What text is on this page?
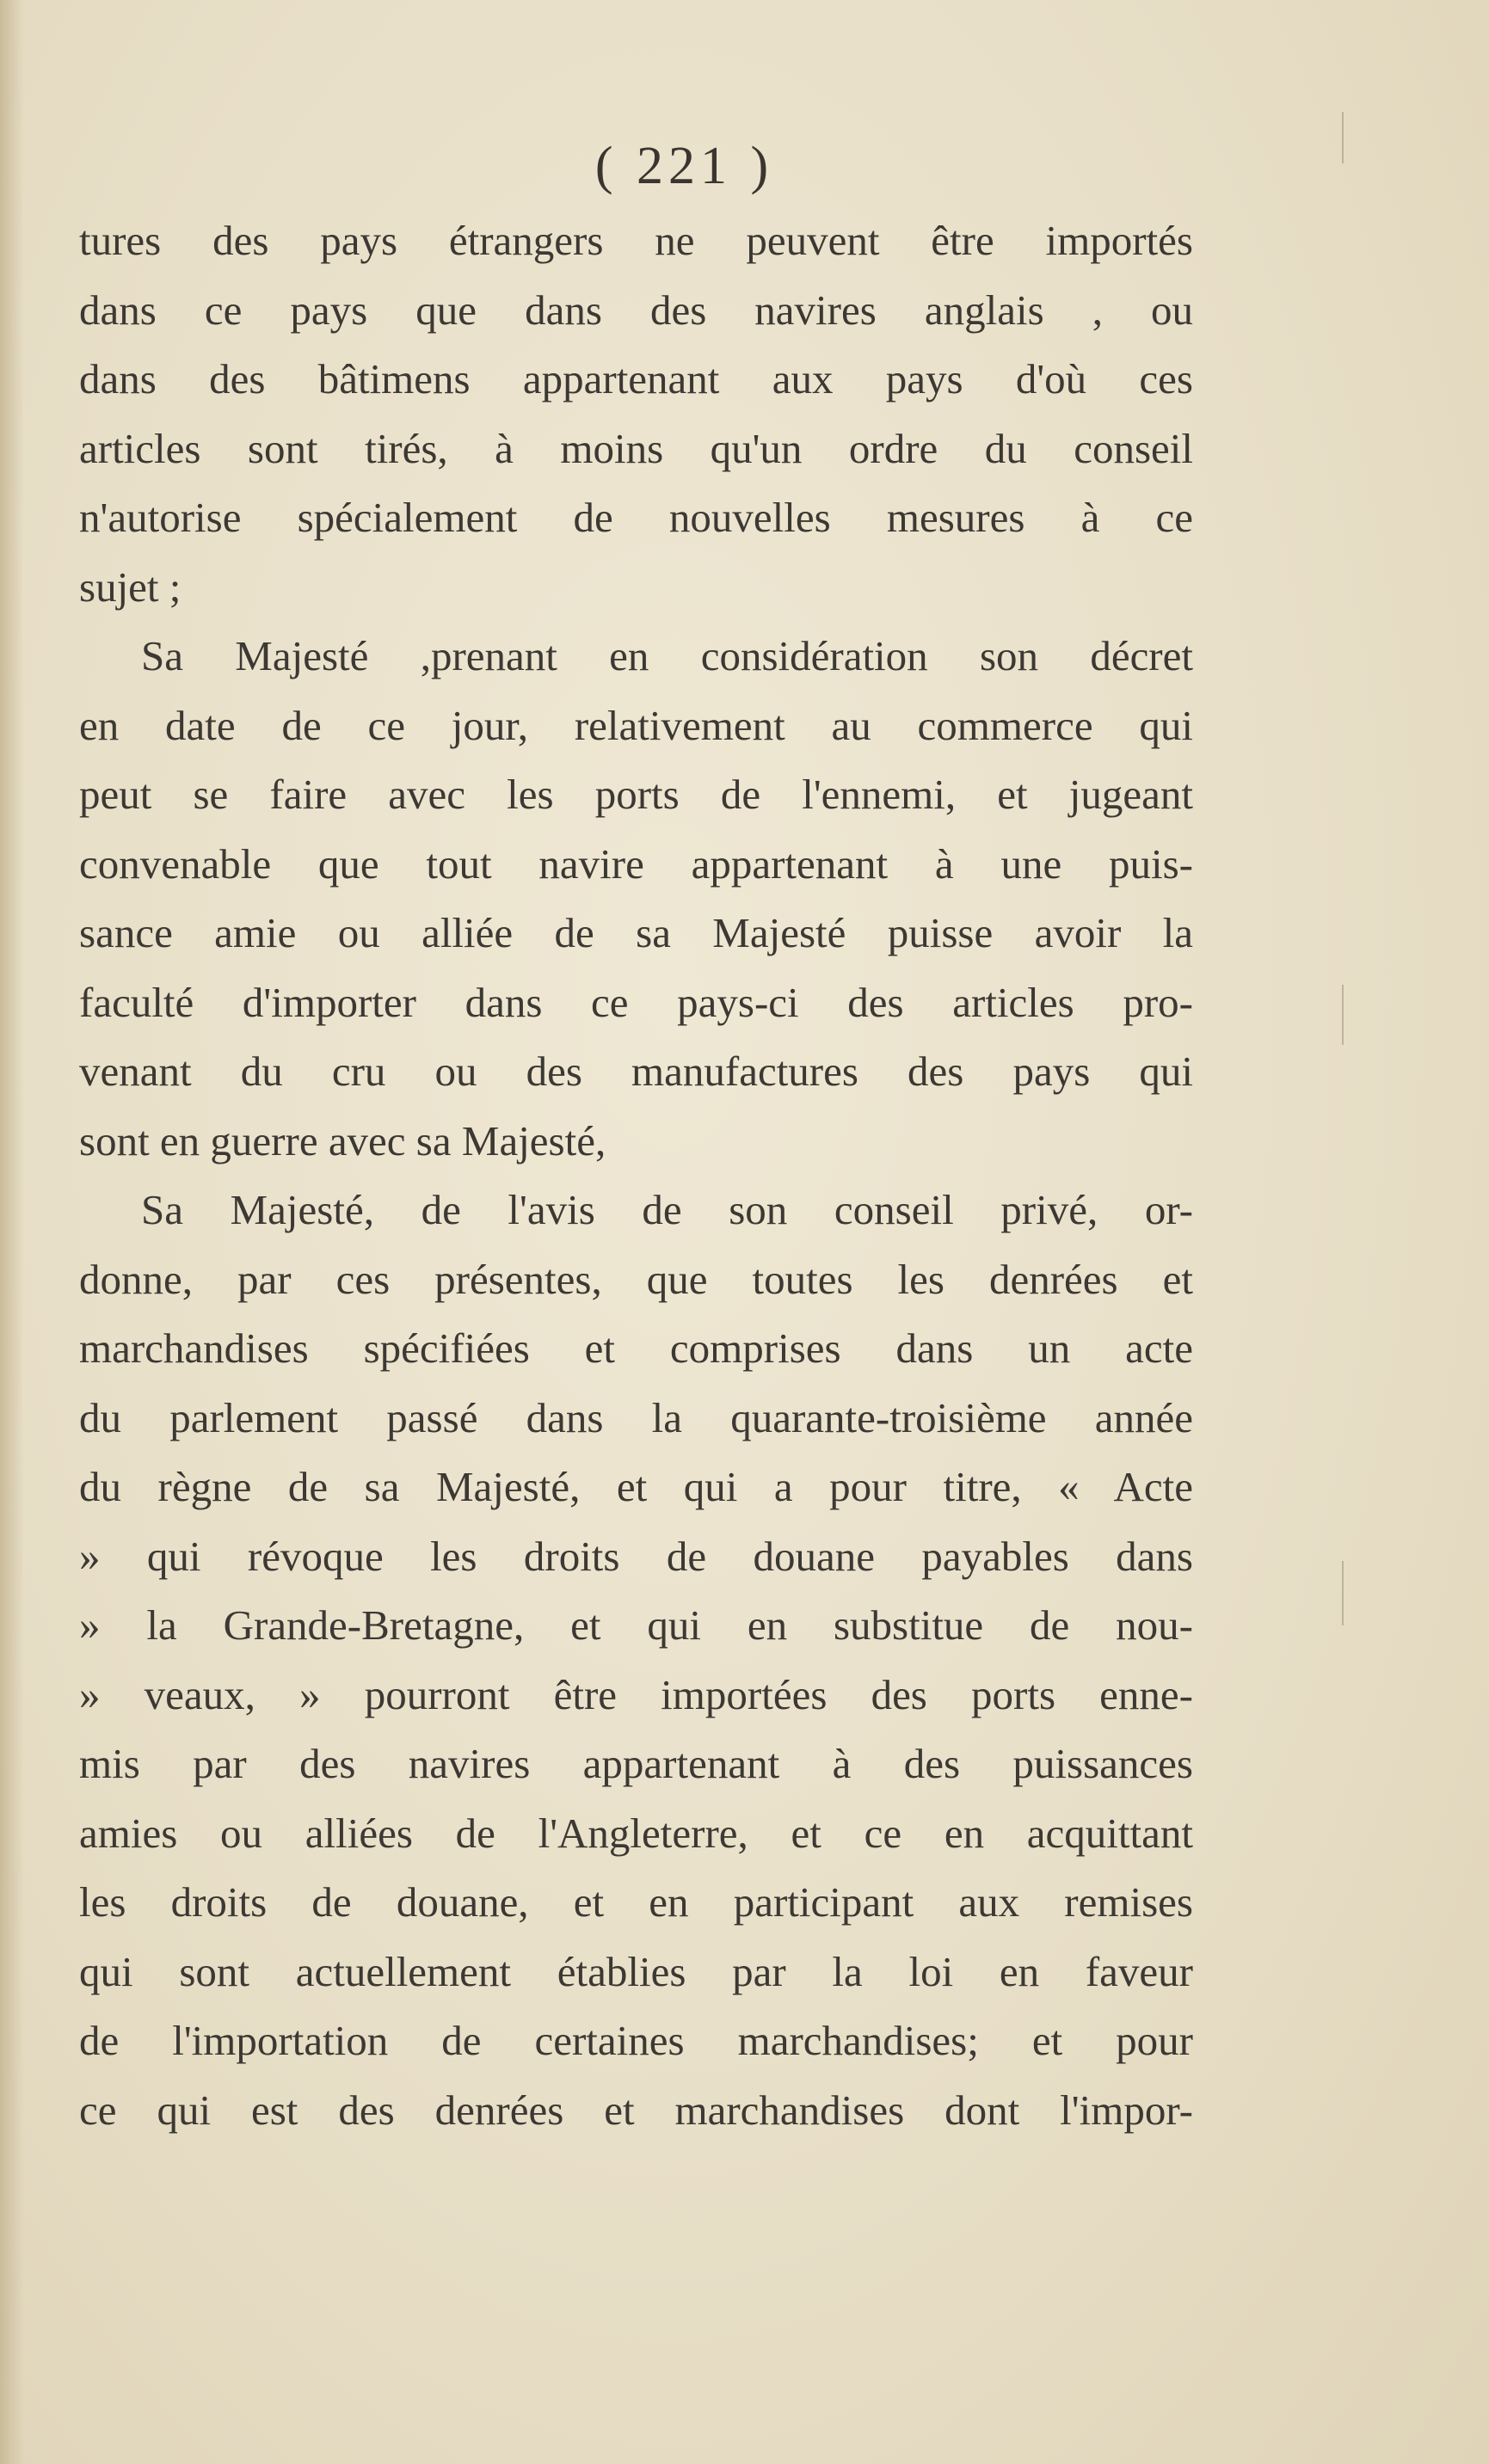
( 221 )
tures des pays étrangers ne peuvent être importés
dans ce pays que dans des navires anglais , ou
dans des bâtimens appartenant aux pays d'où ces
articles sont tirés, à moins qu'un ordre du conseil
n'autorise spécialement de nouvelles mesures à ce
sujet ;
Sa Majesté ,prenant en considération son décret
en date de ce jour, relativement au commerce qui
peut se faire avec les ports de l'ennemi, et jugeant
convenable que tout navire appartenant à une puis-
sance amie ou alliée de sa Majesté puisse avoir la
faculté d'importer dans ce pays-ci des articles pro-
venant du cru ou des manufactures des pays qui
sont en guerre avec sa Majesté,
Sa Majesté, de l'avis de son conseil privé, or-
donne, par ces présentes, que toutes les denrées et
marchandises spécifiées et comprises dans un acte
du parlement passé dans la quarante-troisième année
du règne de sa Majesté, et qui a pour titre, « Acte
» qui révoque les droits de douane payables dans
» la Grande-Bretagne, et qui en substitue de nou-
» veaux, » pourront être importées des ports enne-
mis par des navires appartenant à des puissances
amies ou alliées de l'Angleterre, et ce en acquittant
les droits de douane, et en participant aux remises
qui sont actuellement établies par la loi en faveur
de l'importation de certaines marchandises; et pour
ce qui est des denrées et marchandises dont l'impor-
